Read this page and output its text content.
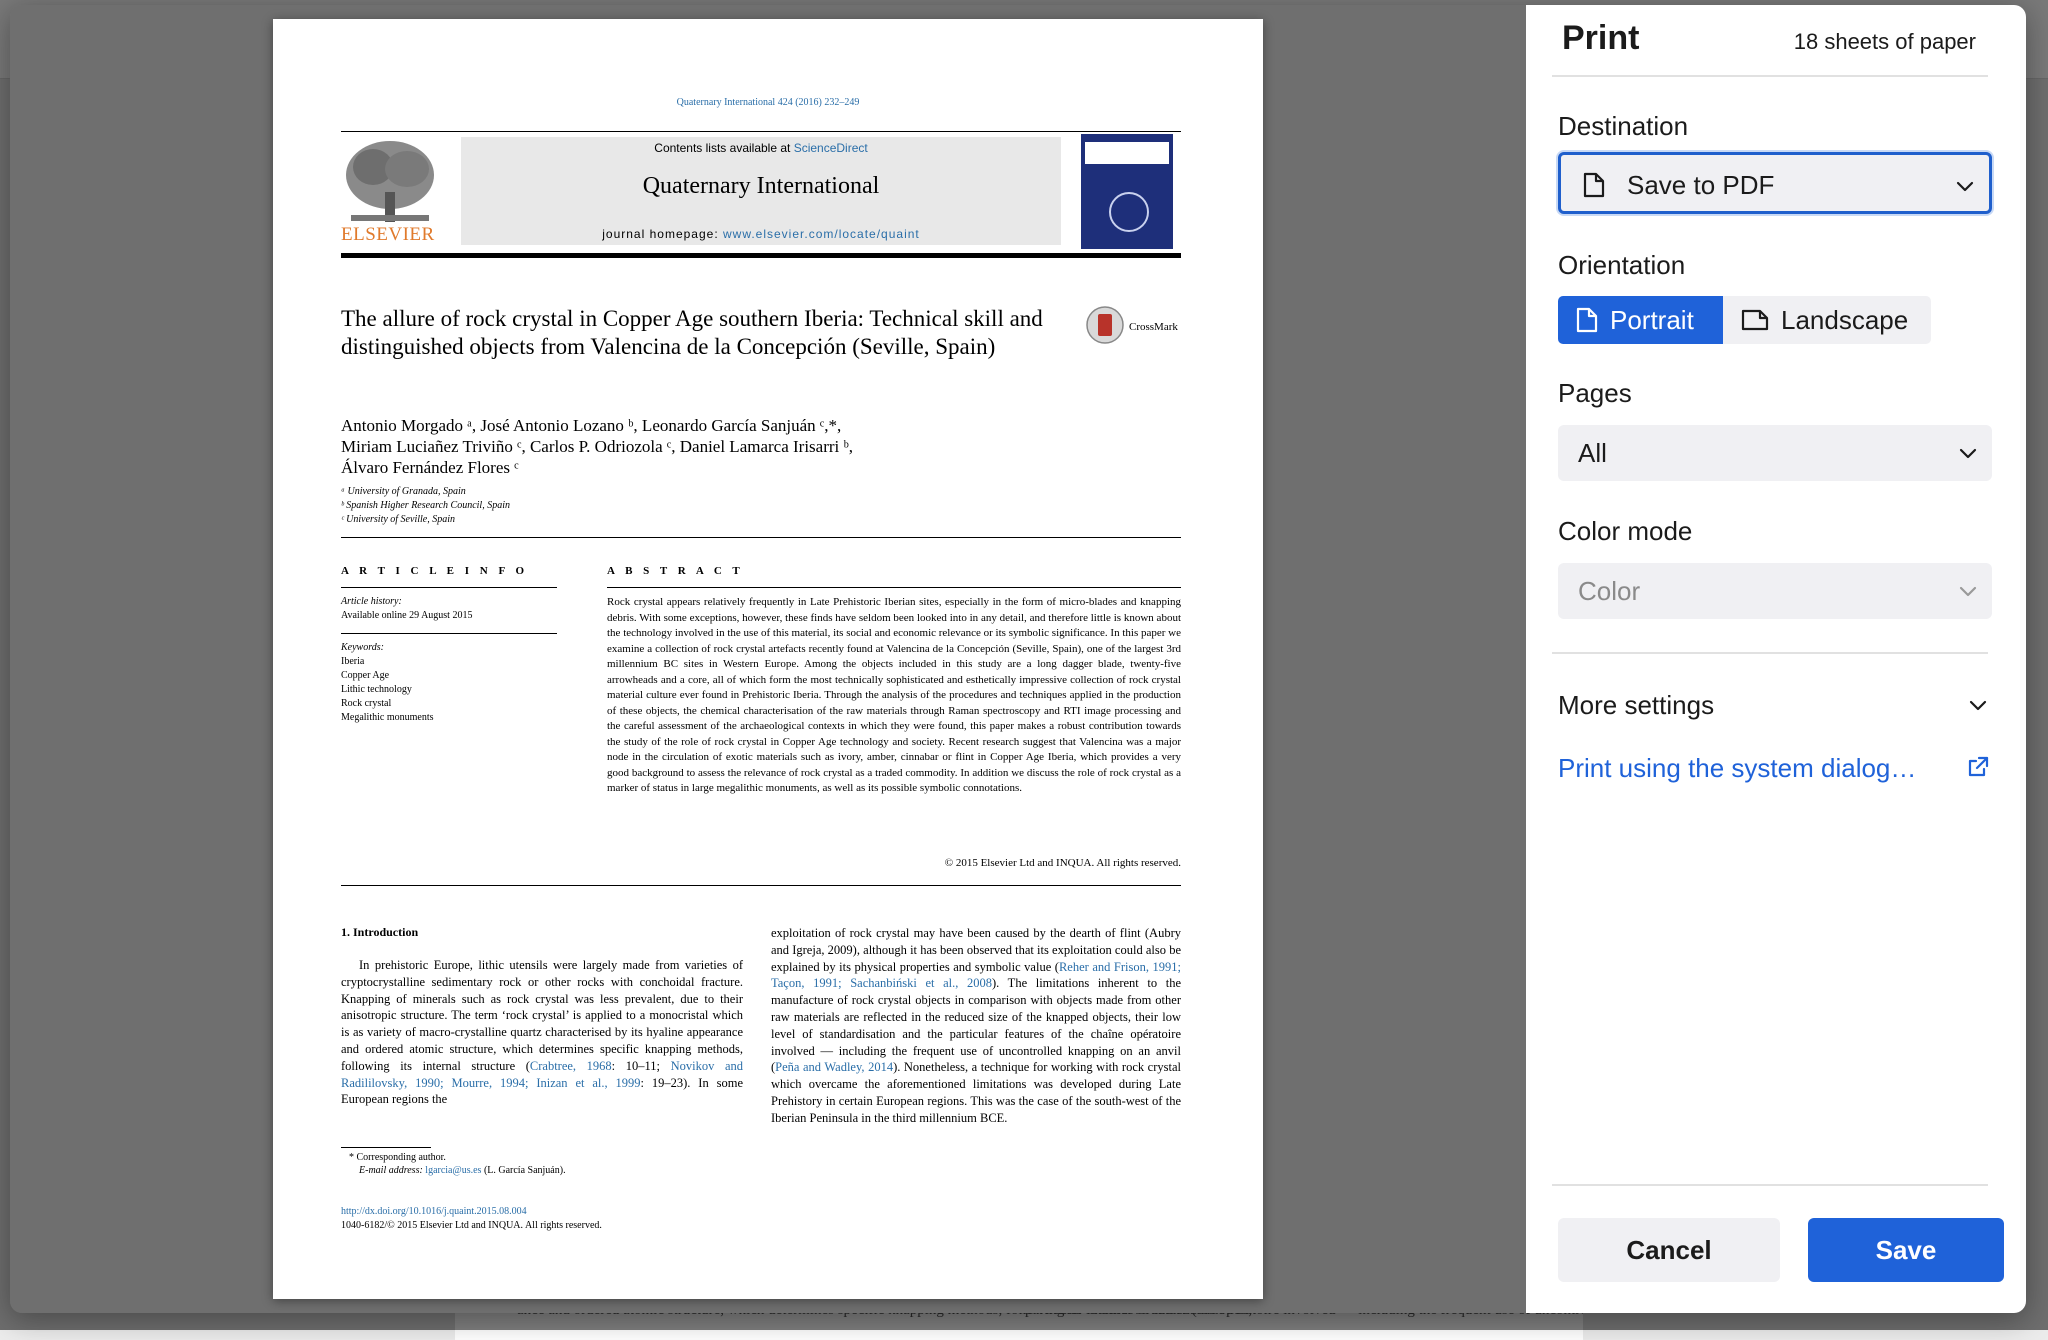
Quaternary International 424 (2016) 232–249
ELSEVIER
Contents lists available at ScienceDirect
Quaternary International
journal homepage: www.elsevier.com/locate/quaint
The allure of rock crystal in Copper Age southern Iberia: Technical skill and distinguished objects from Valencina de la Concepción (Seville, Spain)
CrossMark
Antonio Morgado ᵃ, José Antonio Lozano ᵇ, Leonardo García Sanjuán ᶜ,*,
Miriam Luciañez Triviño ᶜ, Carlos P. Odriozola ᶜ, Daniel Lamarca Irisarri ᵇ,
Álvaro Fernández Flores ᶜ
ᵃ University of Granada, Spain
ᵇ Spanish Higher Research Council, Spain
ᶜ University of Seville, Spain
A R T I C L E I N F O	A B S T R A C T
Article history:
Available online 29 August 2015
Keywords:
Iberia
Copper Age
Lithic technology
Rock crystal
Megalithic monuments
Rock crystal appears relatively frequently in Late Prehistoric Iberian sites, especially in the form of micro-blades and knapping debris. With some exceptions, however, these finds have seldom been looked into in any detail, and therefore little is known about the technology involved in the use of this material, its social and economic relevance or its symbolic significance. In this paper we examine a collection of rock crystal artefacts recently found at Valencina de la Concepción (Seville, Spain), one of the largest 3rd millennium BC sites in Western Europe. Among the objects included in this study are a long dagger blade, twenty-five arrowheads and a core, all of which form the most technically sophisticated and esthetically impressive collection of rock crystal material culture ever found in Prehistoric Iberia. Through the analysis of the procedures and techniques applied in the production of these objects, the chemical characterisation of the raw materials through Raman spectroscopy and RTI image processing and the careful assessment of the archaeological contexts in which they were found, this paper makes a robust contribution towards the study of the role of rock crystal in Copper Age technology and society. Recent research suggest that Valencina was a major node in the circulation of exotic materials such as ivory, amber, cinnabar or flint in Copper Age Iberia, which provides a very good background to assess the relevance of rock crystal as a traded commodity. In addition we discuss the role of rock crystal as a marker of status in large megalithic monuments, as well as its possible symbolic connotations.
© 2015 Elsevier Ltd and INQUA. All rights reserved.
1. Introduction
In prehistoric Europe, lithic utensils were largely made from varieties of cryptocrystalline sedimentary rock or other rocks with conchoidal fracture. Knapping of minerals such as rock crystal was less prevalent, due to their anisotropic structure. The term ‘rock crystal’ is applied to a monocristal which is as variety of macro-crystalline quartz characterised by its hyaline appearance and ordered atomic structure, which determines specific knapping methods, following its internal structure (Crabtree, 1968: 10–11; Novikov and Radililovsky, 1990; Mourre, 1994; Inizan et al., 1999: 19–23). In some European regions the
exploitation of rock crystal may have been caused by the dearth of flint (Aubry and Igreja, 2009), although it has been observed that its exploitation could also be explained by its physical properties and symbolic value (Reher and Frison, 1991; Taçon, 1991; Sachanbiński et al., 2008). The limitations inherent to the manufacture of rock crystal objects in comparison with objects made from other raw materials are reflected in the reduced size of the knapped objects, their low level of standardisation and the particular features of the chaîne opératoire involved — including the frequent use of uncontrolled knapping on an anvil (Peña and Wadley, 2014). Nonetheless, a technique for working with rock crystal which overcame the aforementioned limitations was developed during Late Prehistory in certain European regions. This was the case of the south-west of the Iberian Peninsula in the third millennium BCE.
* Corresponding author.
E-mail address: lgarcia@us.es (L. García Sanjuán).
http://dx.doi.org/10.1016/j.quaint.2015.08.004
1040-6182/© 2015 Elsevier Ltd and INQUA. All rights reserved.
Print	18 sheets of paper
Destination
Save to PDF
Orientation
Portrait	Landscape
Pages
All
Color mode
Color
More settings
Print using the system dialog…
Cancel	Save
